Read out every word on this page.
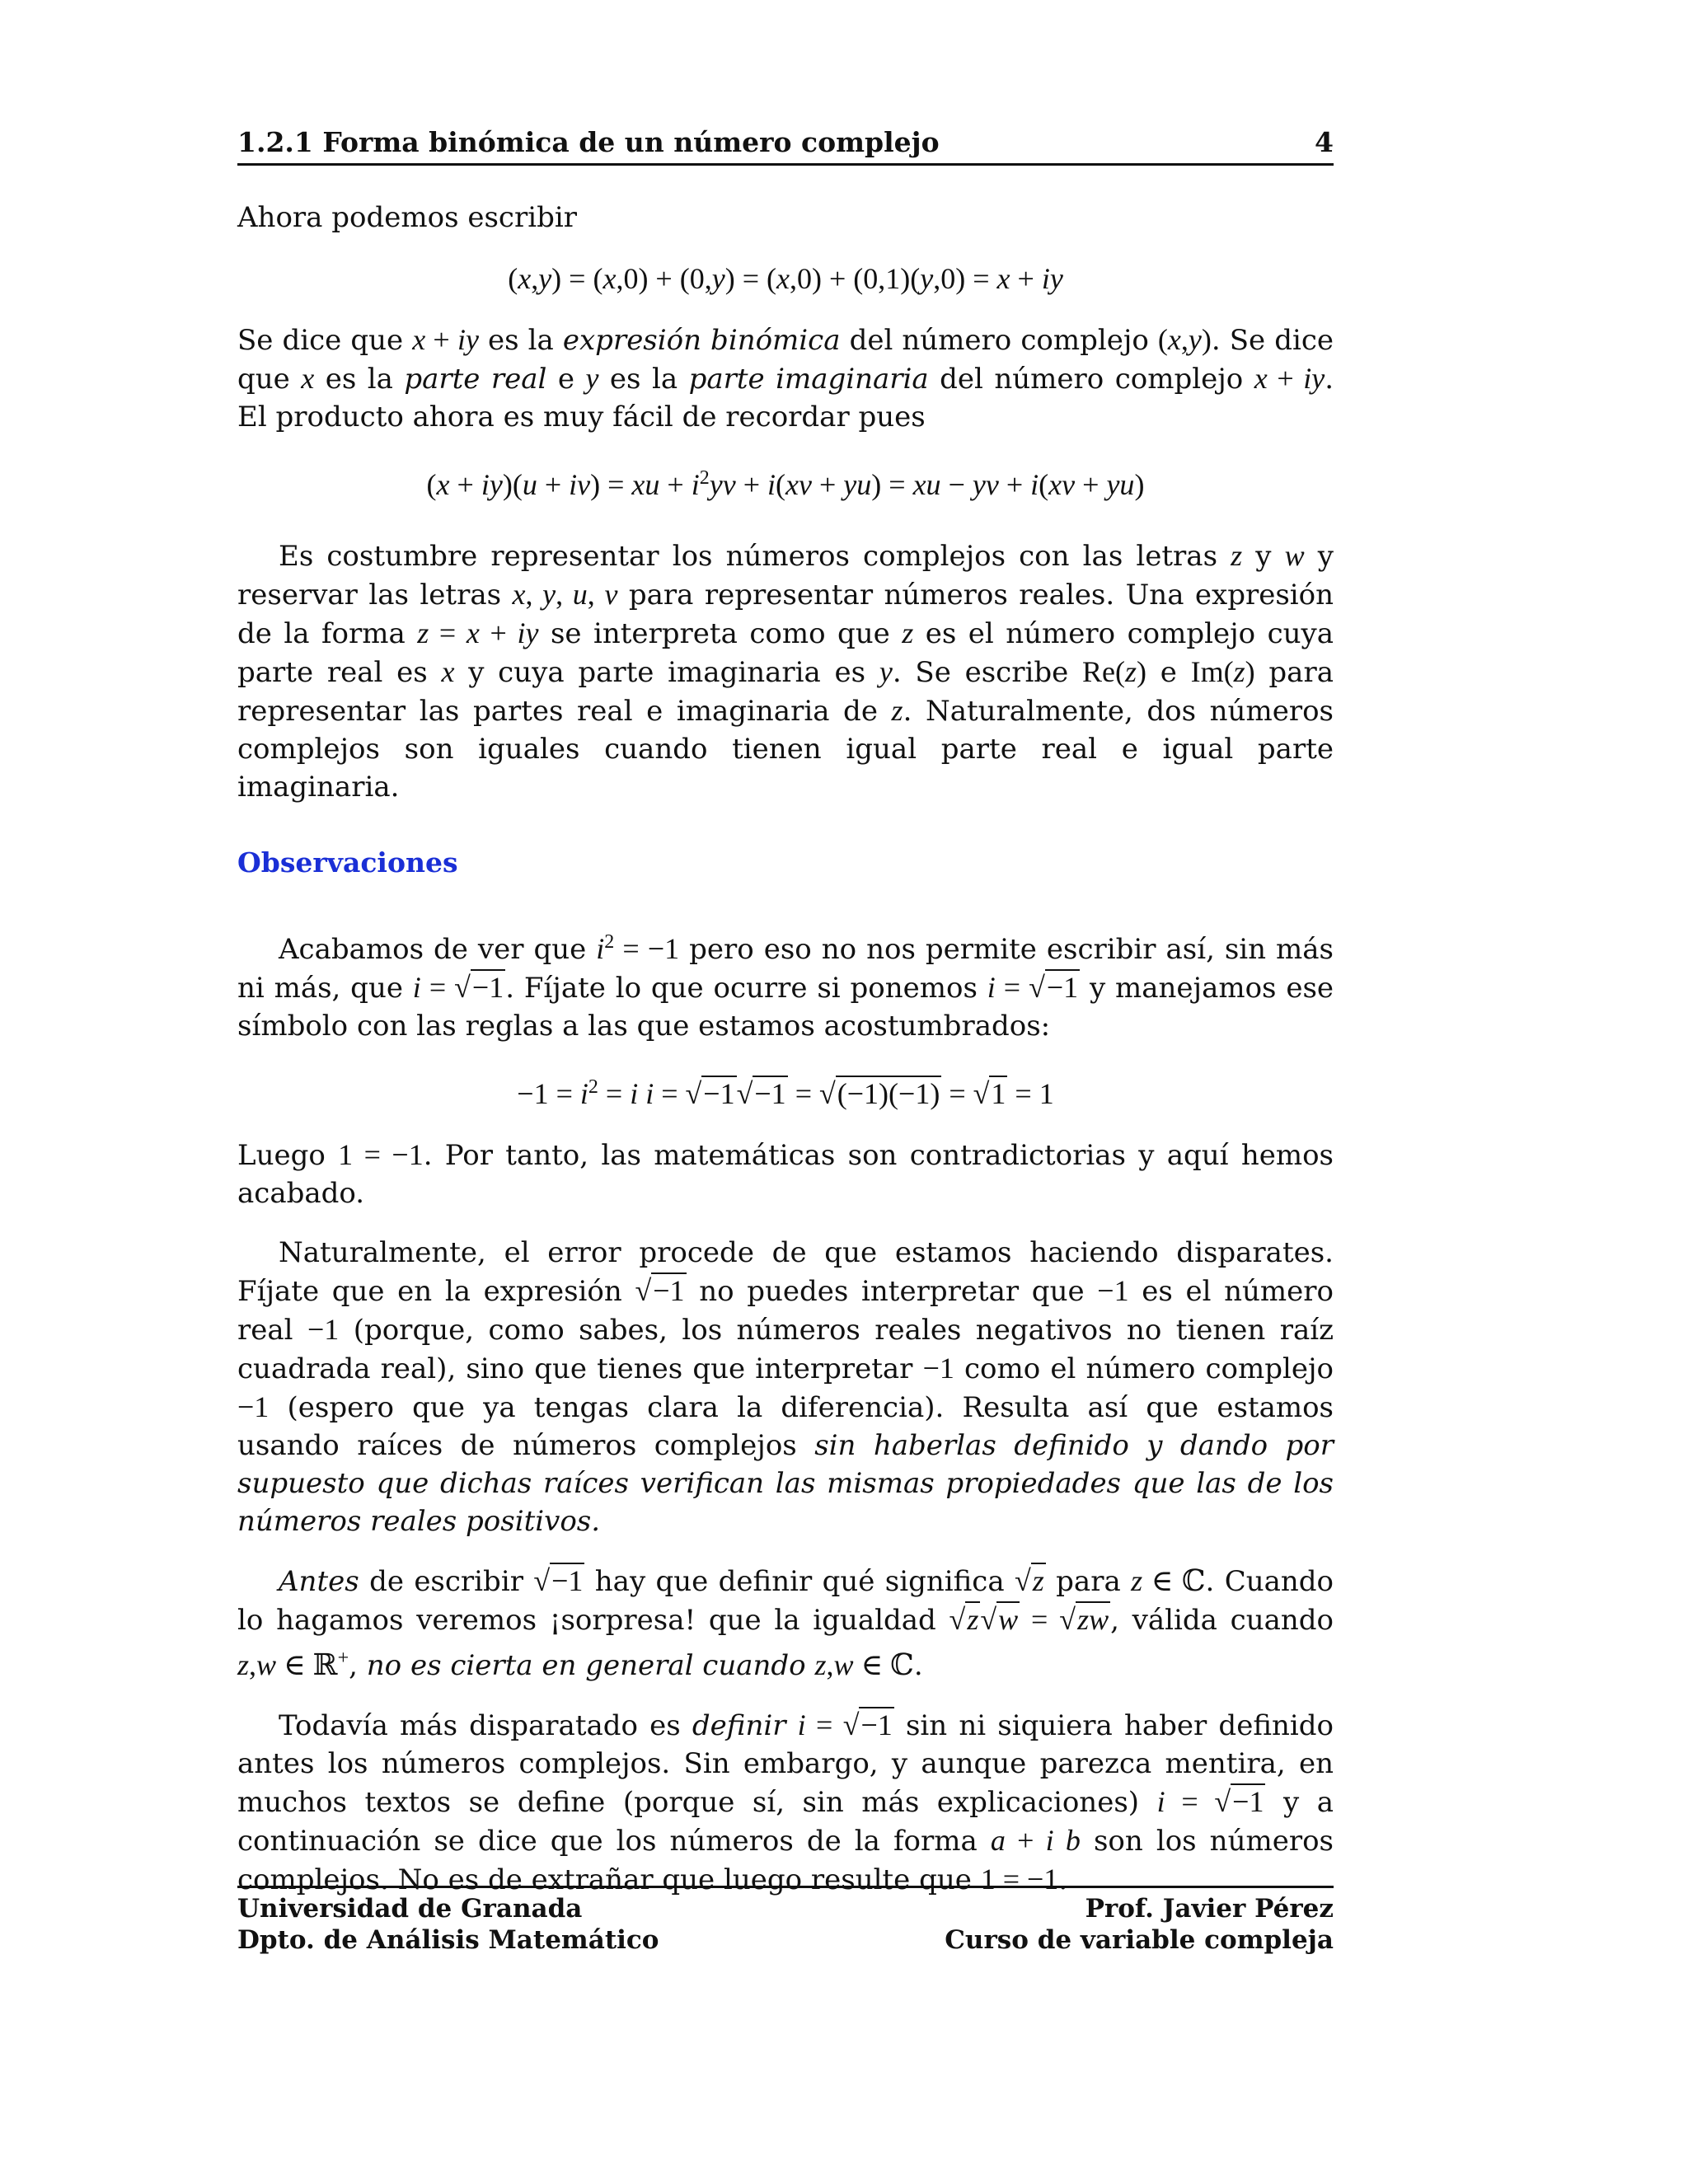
1.2.1 Forma binómica de un número complejo	4

Ahora podemos escribir

(x,y) = (x,0) + (0,y) = (x,0) + (0,1)(y,0) = x + iy

Se dice que x + iy es la expresión binómica del número complejo (x,y). Se dice que x es la parte real e y es la parte imaginaria del número complejo x + iy. El producto ahora es muy fácil de recordar pues

(x + iy)(u + iv) = xu + $i^2yv + i(xv + yu)$ = xu − yv + i(xv + yu)

Es costumbre representar los números complejos con las letras z y w y reservar las letras x, y, u, v para representar números reales. Una expresión de la forma z = x + iy se interpreta como que z es el número complejo cuya parte real es x y cuya parte imaginaria es y. Se escribe Re(z) e Im(z) para representar las partes real e imaginaria de z. Naturalmente, dos números complejos son iguales cuando tienen igual parte real e igual parte imaginaria.

Observaciones

Acabamos de ver que $i^2 = -1$ pero eso no nos permite escribir así, sin más ni más, que i = √−1. Fíjate lo que ocurre si ponemos i = √−1 y manejamos ese símbolo con las reglas a las que estamos acostumbrados:

$-1 = i^2 = i$ i = √−1√−1 = √(−1)(−1) = √1 = 1

Luego 1 = −1. Por tanto, las matemáticas son contradictorias y aquí hemos acabado.

Naturalmente, el error procede de que estamos haciendo disparates. Fíjate que en la expresión √−1 no puedes interpretar que −1 es el número real −1 (porque, como sabes, los números reales negativos no tienen raíz cuadrada real), sino que tienes que interpretar −1 como el número complejo −1 (espero que ya tengas clara la diferencia). Resulta así que estamos usando raíces de números complejos sin haberlas definido y dando por supuesto que dichas raíces verifican las mismas propiedades que las de los números reales positivos.

Antes de escribir √−1 hay que definir qué significa √z para z ∈ ℂ. Cuando lo hagamos veremos ¡sorpresa! que la igualdad √z√w = √zw, válida cuando z,w ∈ ℝ+, no es cierta en general cuando z,w ∈ ℂ.

Todavía más disparatado es definir i = √−1 sin ni siquiera haber definido antes los números complejos. Sin embargo, y aunque parezca mentira, en muchos textos se define (porque sí, sin más explicaciones) i = √−1 y a continuación se dice que los números de la forma a + i b son los números complejos. No es de extrañar que luego resulte que 1 = −1.

Universidad de Granada
Dpto. de Análisis Matemático
Prof. Javier Pérez
Curso de variable compleja
